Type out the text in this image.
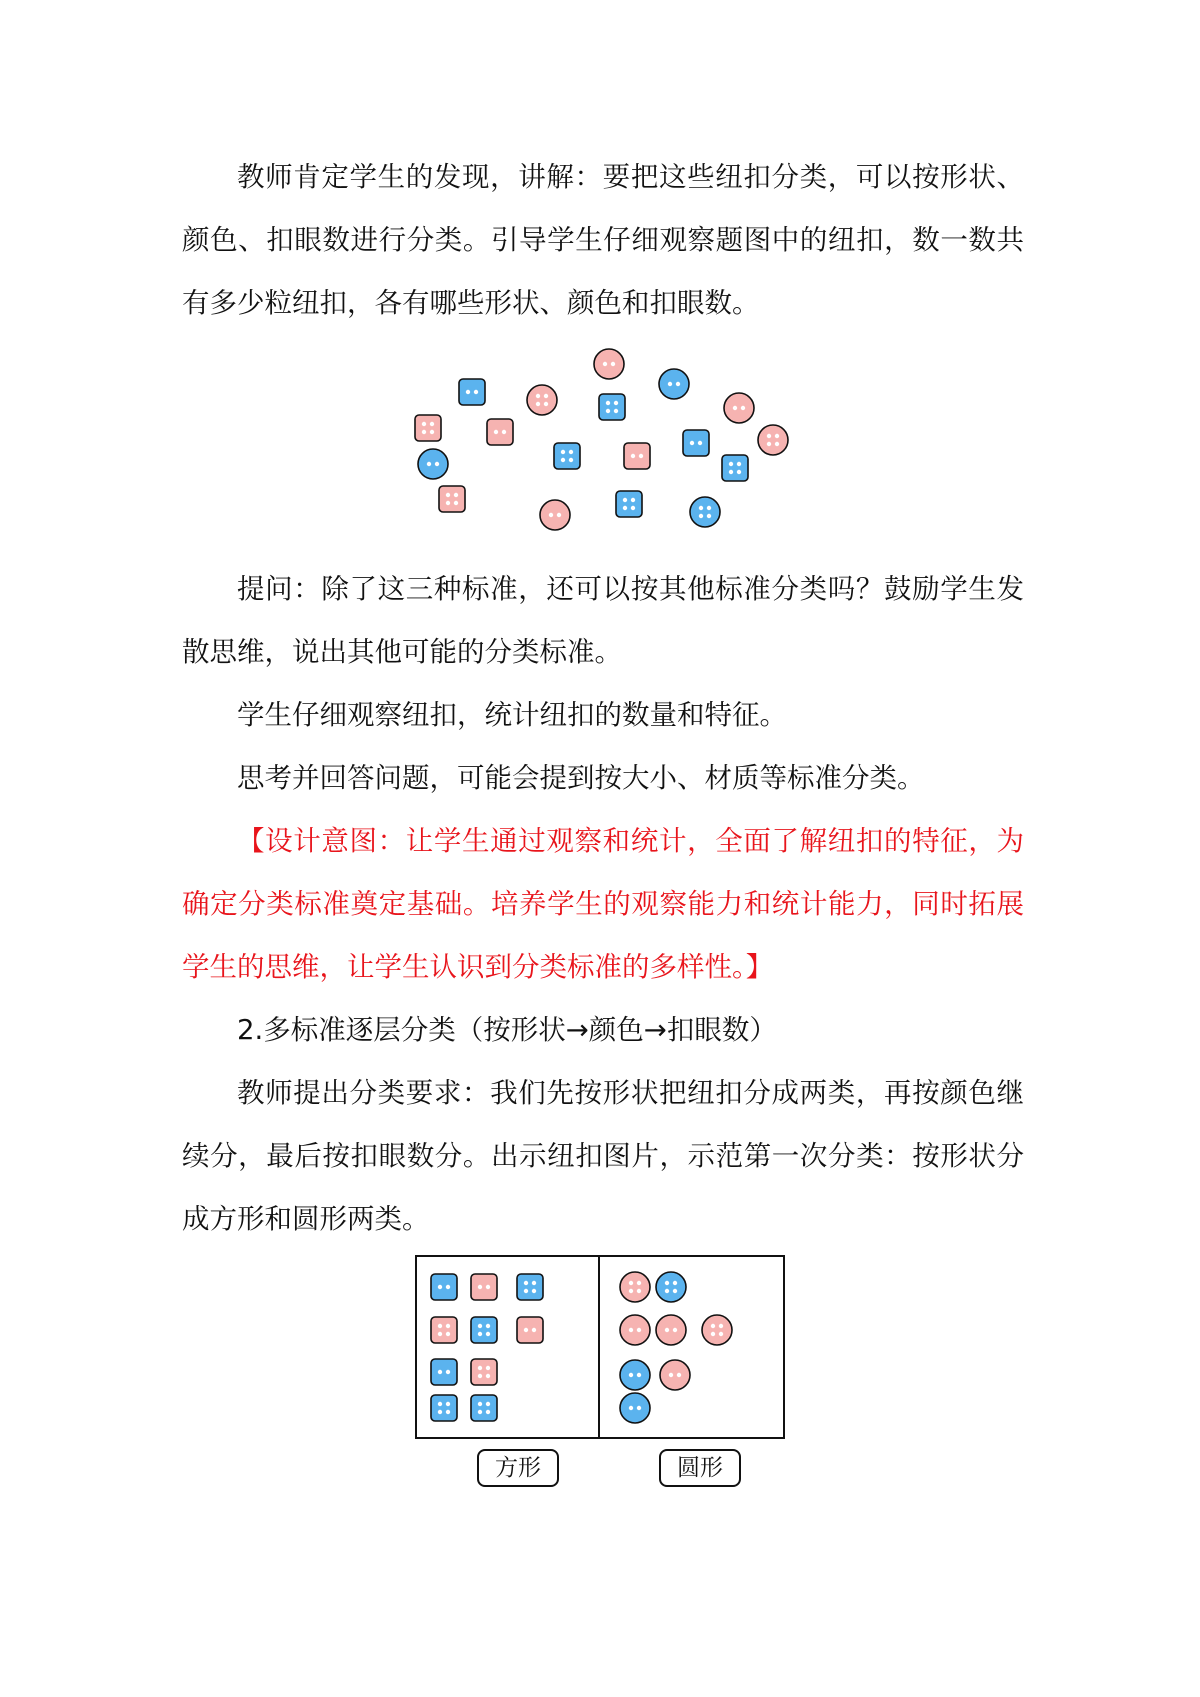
教师肯定学生的发现，讲解：要把这些纽扣分类，可以按形状、颜色、扣眼数进行分类。引导学生仔细观察题图中的纽扣，数一数共有多少粒纽扣，各有哪些形状、颜色和扣眼数。

提问：除了这三种标准，还可以按其他标准分类吗？鼓励学生发散思维，说出其他可能的分类标准。

学生仔细观察纽扣，统计纽扣的数量和特征。

思考并回答问题，可能会提到按大小、材质等标准分类。

【设计意图：让学生通过观察和统计，全面了解纽扣的特征，为确定分类标准奠定基础。培养学生的观察能力和统计能力，同时拓展学生的思维，让学生认识到分类标准的多样性。】

2.多标准逐层分类（按形状→颜色→扣眼数）

教师提出分类要求：我们先按形状把纽扣分成两类，再按颜色继续分，最后按扣眼数分。出示纽扣图片，示范第一次分类：按形状分成方形和圆形两类。

方形	圆形
